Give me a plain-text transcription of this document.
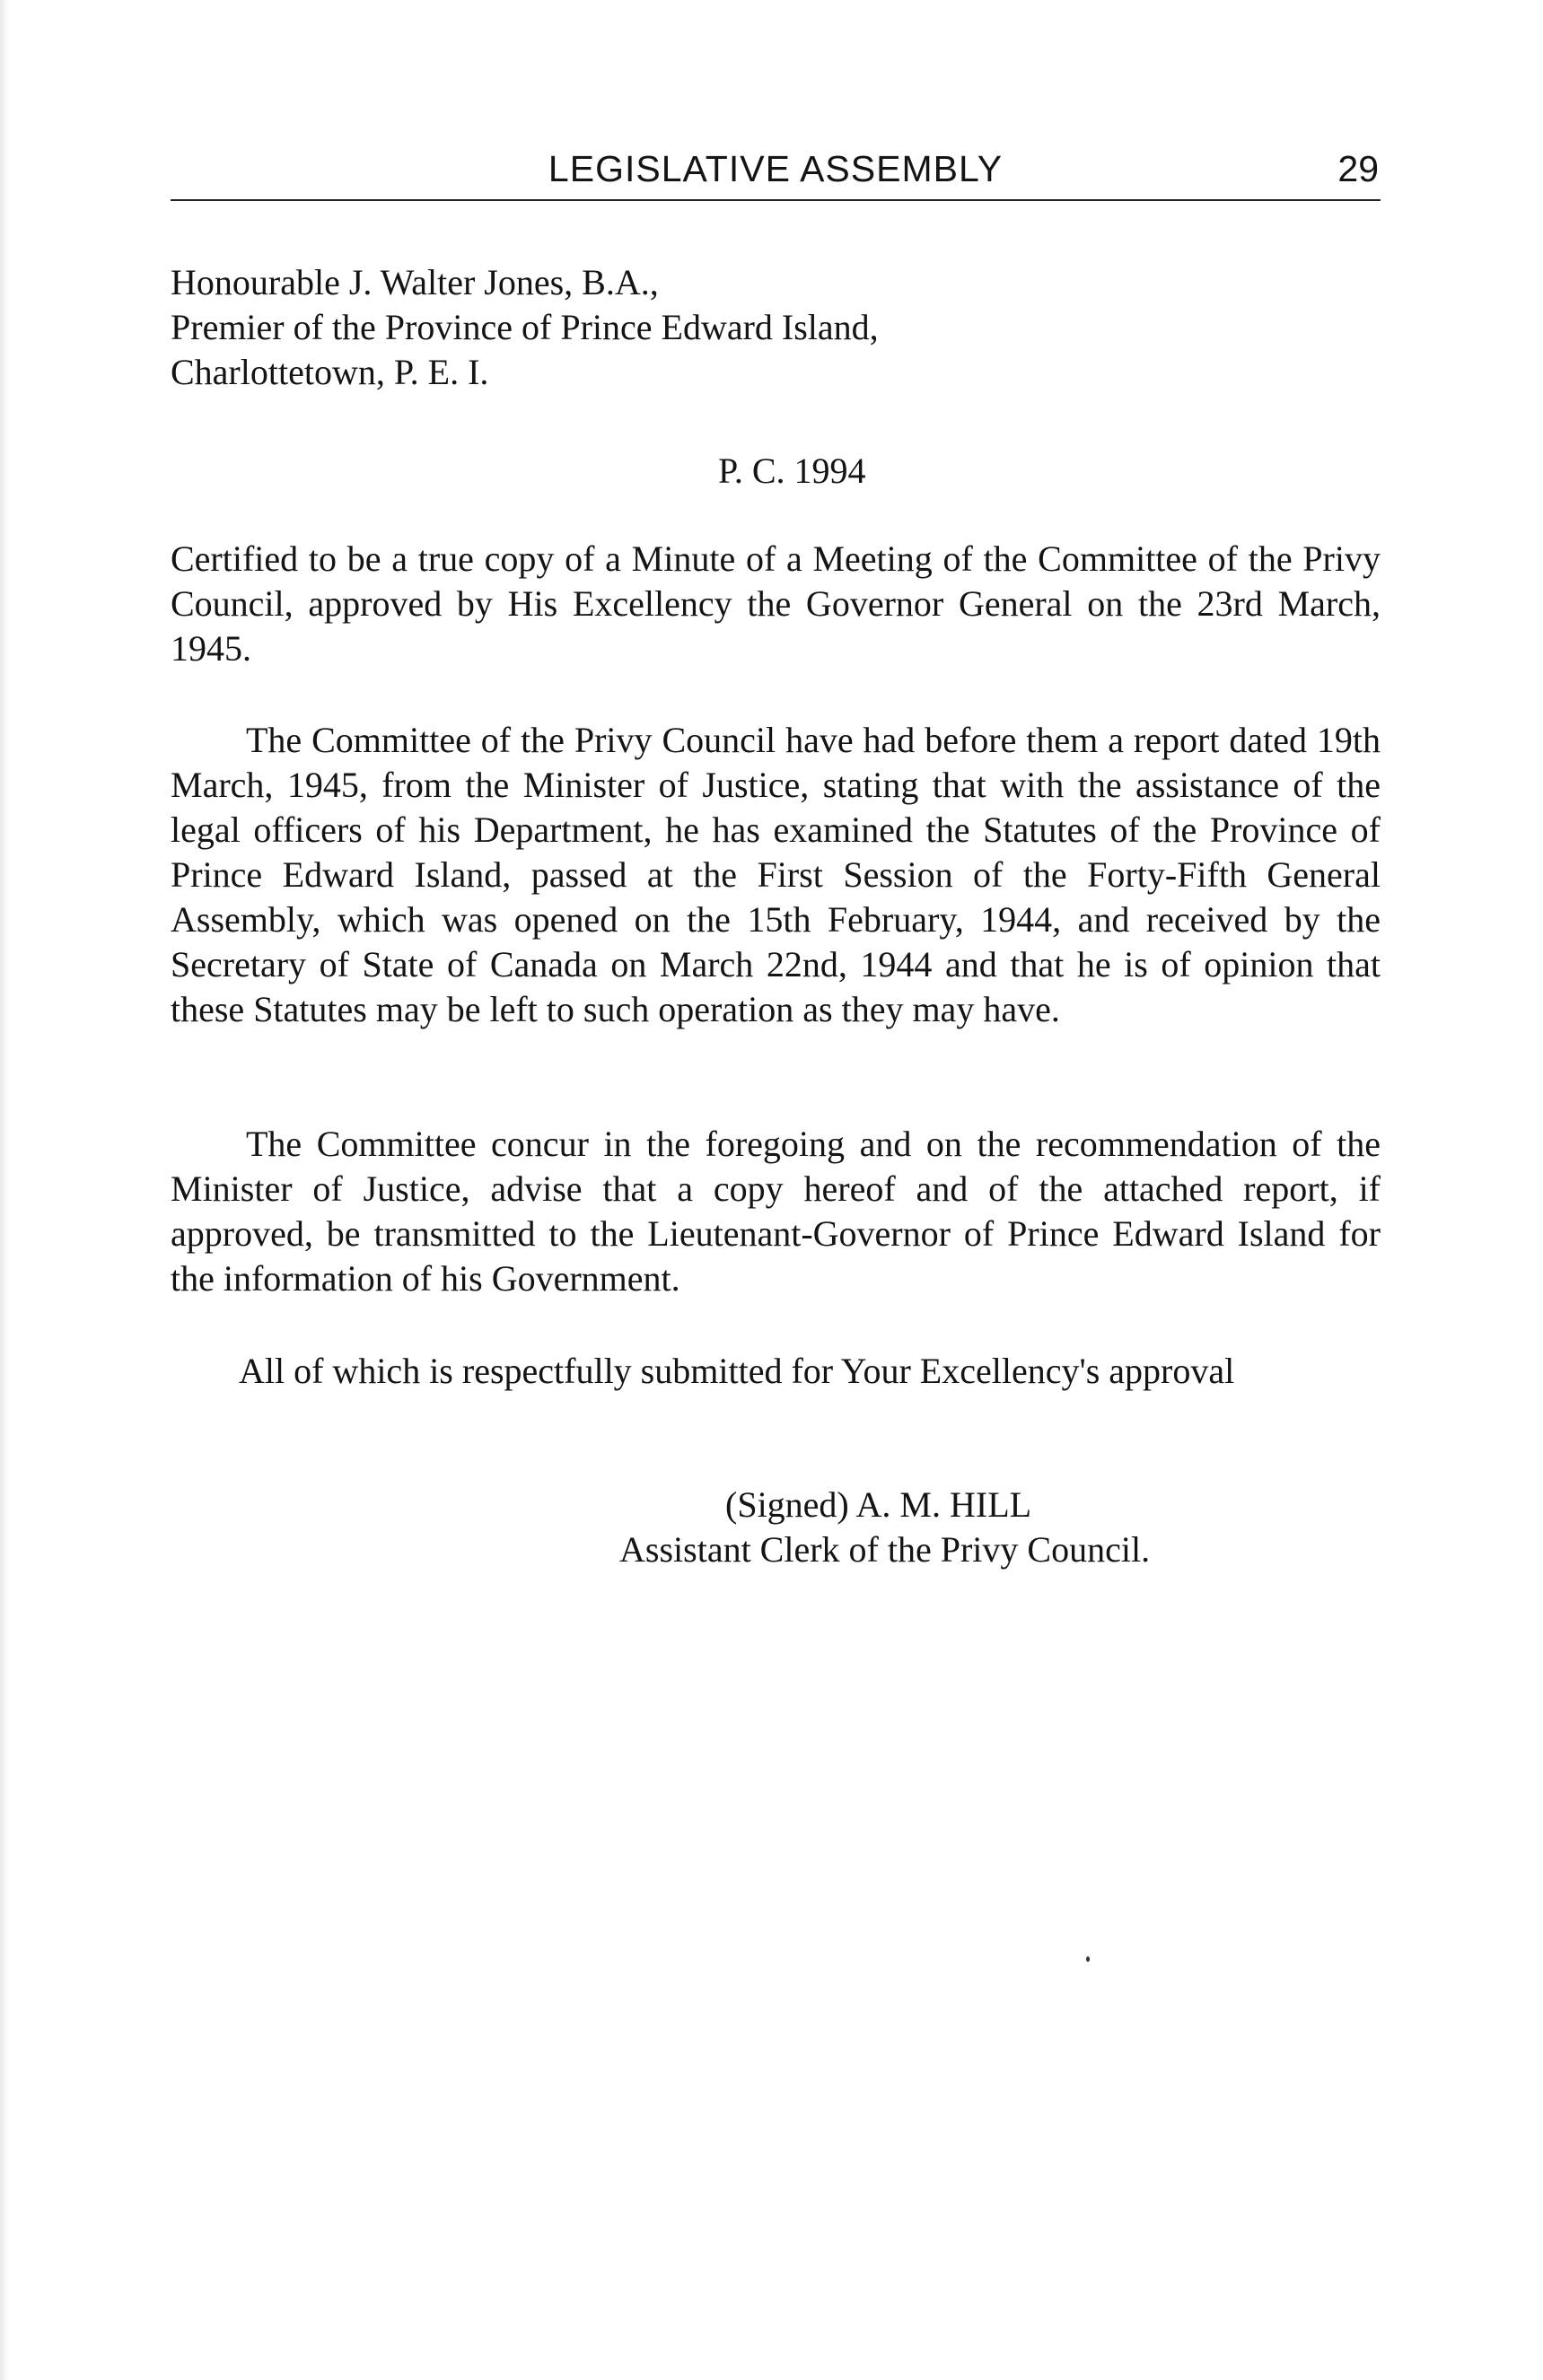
LEGISLATIVE ASSEMBLY	29
Honourable J. Walter Jones, B.A.,
Premier of the Province of Prince Edward Island,
Charlottetown, P. E. I.
P. C. 1994

Certified to be a true copy of a Minute of a Meeting of the Committee of the Privy Council, approved by His Excellency the Governor General on the 23rd March, 1945.

The Committee of the Privy Council have had before them a report dated 19th March, 1945, from the Minister of Justice, stating that with the assistance of the legal officers of his Department, he has examined the Statutes of the Province of Prince Edward Island, passed at the First Session of the Forty-Fifth General Assembly, which was opened on the 15th February, 1944, and received by the Secretary of State of Canada on March 22nd, 1944 and that he is of opinion that these Statutes may be left to such operation as they may have.

The Committee concur in the foregoing and on the recommendation of the Minister of Justice, advise that a copy hereof and of the attached report, if approved, be transmitted to the Lieutenant-Governor of Prince Edward Island for the information of his Government.

All of which is respectfully submitted for Your Excellency's approval

(Signed) A. M. HILL
Assistant Clerk of the Privy Council.
